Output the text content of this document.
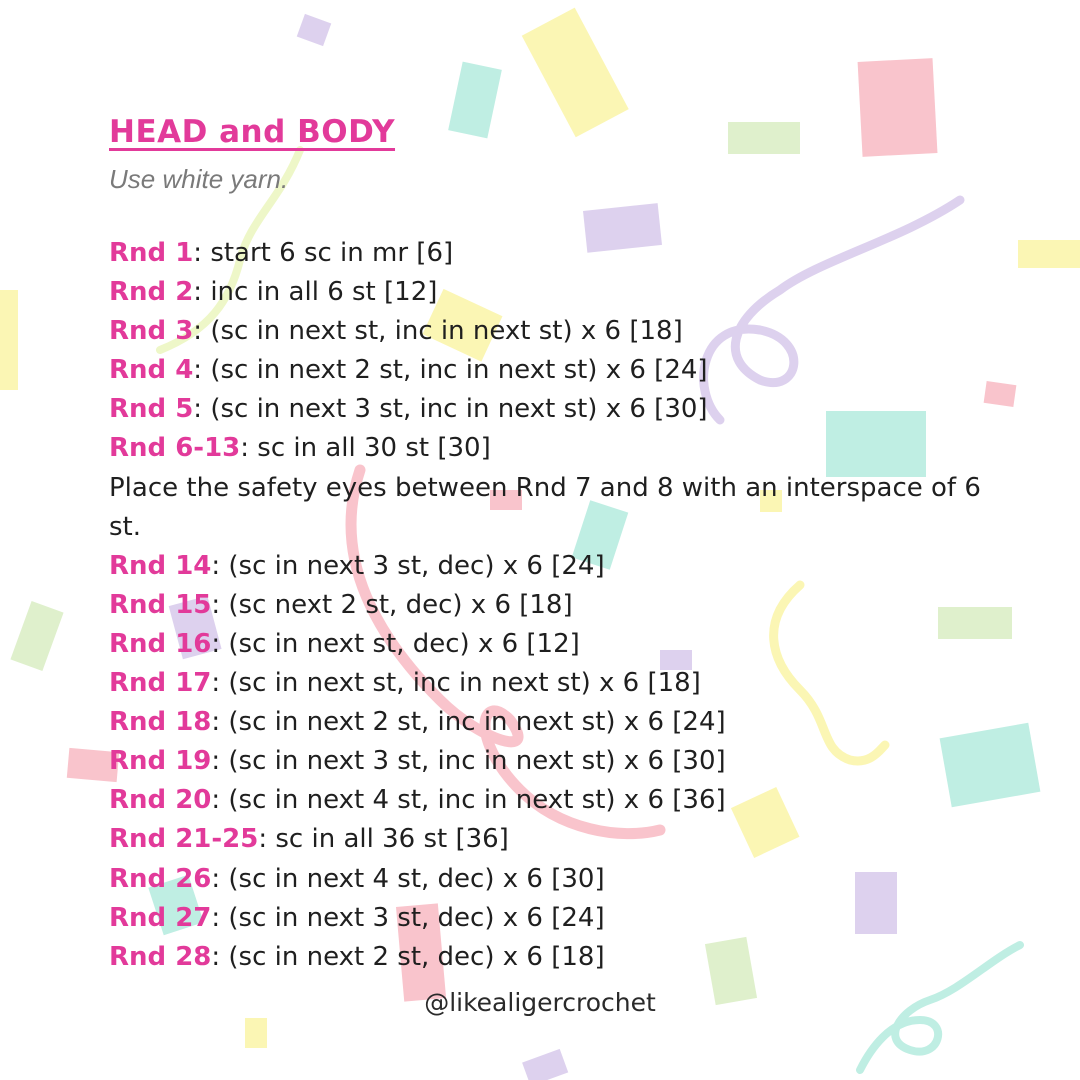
HEAD and BODY

Use white yarn.

Rnd 1: start 6 sc in mr [6]
Rnd 2: inc in all 6 st [12]
Rnd 3: (sc in next st, inc in next st) x 6 [18]
Rnd 4: (sc in next 2 st, inc in next st) x 6 [24]
Rnd 5: (sc in next 3 st, inc in next st) x 6 [30]
Rnd 6-13: sc in all 30 st [30]
Place the safety eyes between Rnd 7 and 8 with an interspace of 6 st.
Rnd 14: (sc in next 3 st, dec) x 6 [24]
Rnd 15: (sc next 2 st, dec) x 6 [18]
Rnd 16: (sc in next st, dec) x 6 [12]
Rnd 17: (sc in next st, inc in next st) x 6 [18]
Rnd 18: (sc in next 2 st, inc in next st) x 6 [24]
Rnd 19: (sc in next 3 st, inc in next st) x 6 [30]
Rnd 20: (sc in next 4 st, inc in next st) x 6 [36]
Rnd 21-25: sc in all 36 st [36]
Rnd 26: (sc in next 4 st, dec) x 6 [30]
Rnd 27: (sc in next 3 st, dec) x 6 [24]
Rnd 28: (sc in next 2 st, dec) x 6 [18]
@likealigercrochet
